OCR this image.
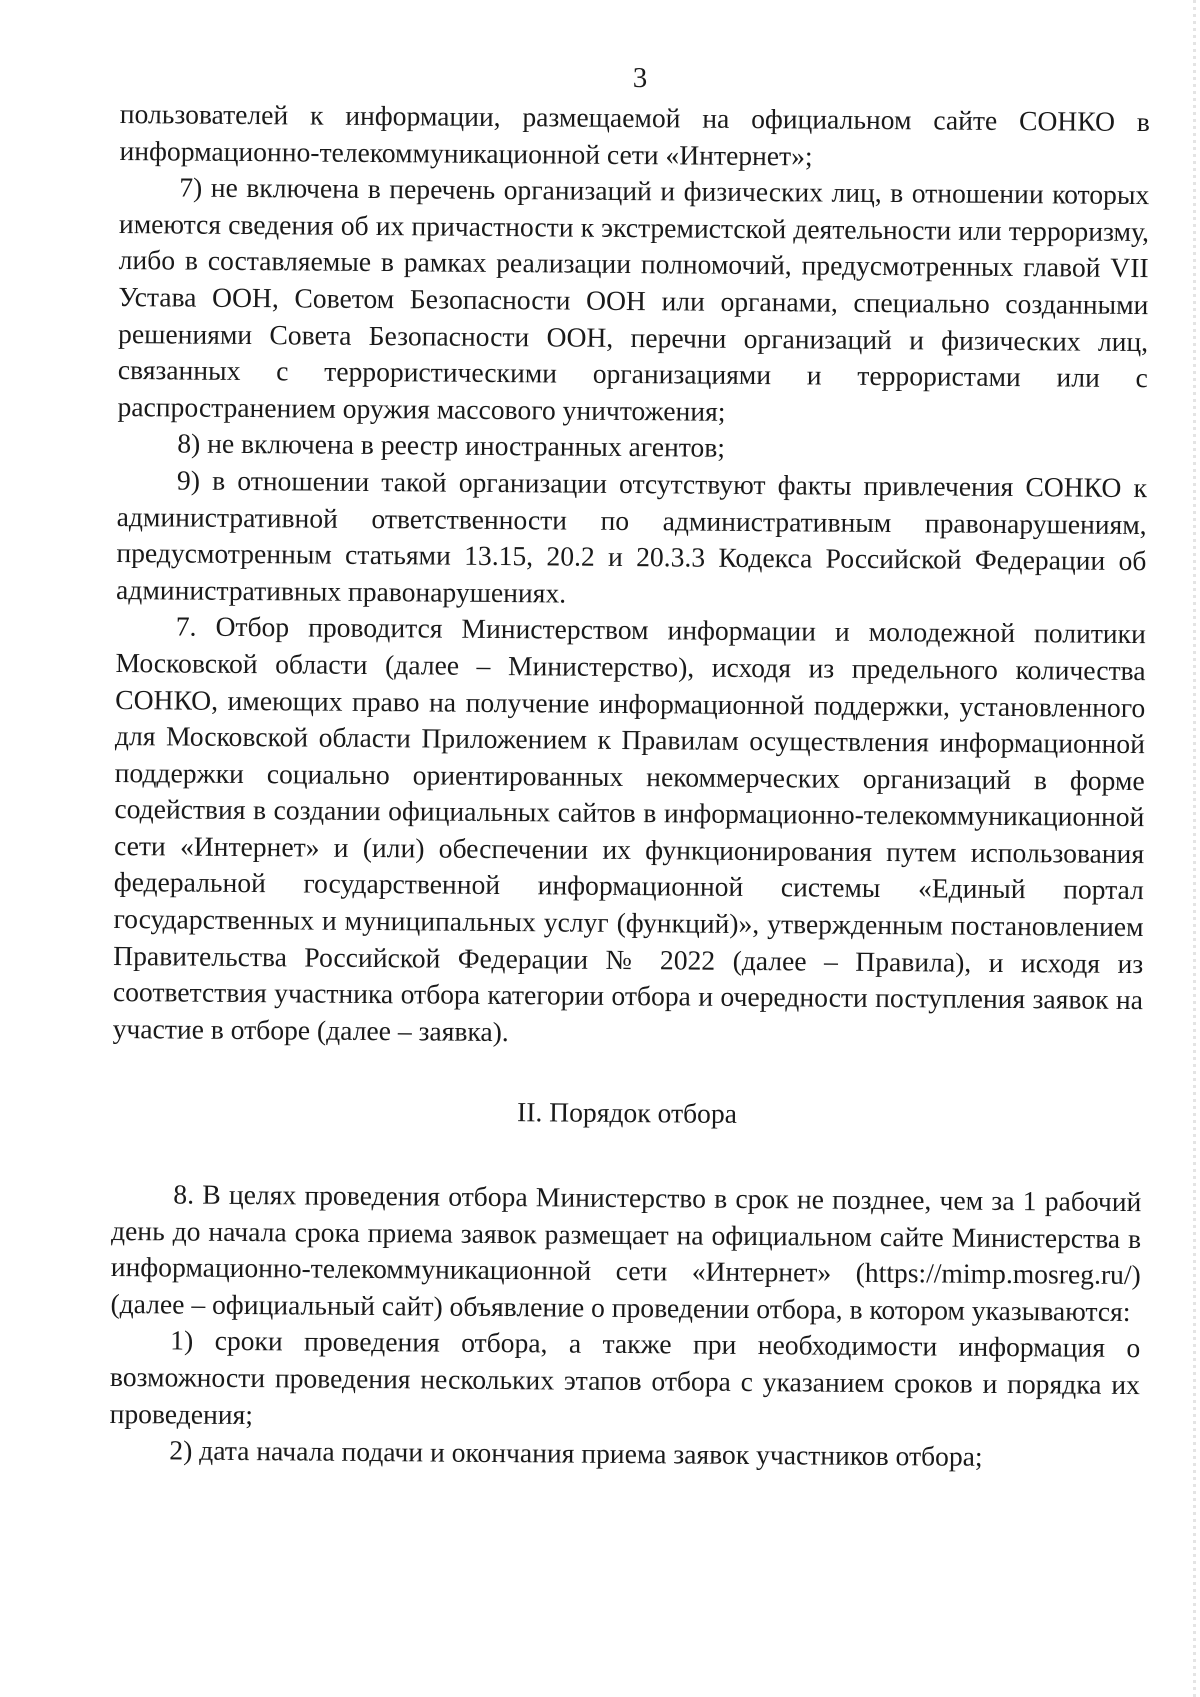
3

пользователей к информации, размещаемой на официальном сайте СОНКО в информационно-телекоммуникационной сети «Интернет»;

7) не включена в перечень организаций и физических лиц, в отношении которых имеются сведения об их причастности к экстремистской деятельности или терроризму, либо в составляемые в рамках реализации полномочий, предусмотренных главой VII Устава ООН, Советом Безопасности ООН или органами, специально созданными решениями Совета Безопасности ООН, перечни организаций и физических лиц, связанных с террористическими организациями и террористами или с распространением оружия массового уничтожения;

8) не включена в реестр иностранных агентов;

9) в отношении такой организации отсутствуют факты привлечения СОНКО к административной ответственности по административным правонарушениям, предусмотренным статьями 13.15, 20.2 и 20.3.3 Кодекса Российской Федерации об административных правонарушениях.

7. Отбор проводится Министерством информации и молодежной политики Московской области (далее – Министерство), исходя из предельного количества СОНКО, имеющих право на получение информационной поддержки, установленного для Московской области Приложением к Правилам осуществления информационной поддержки социально ориентированных некоммерческих организаций в форме содействия в создании официальных сайтов в информационно-телекоммуникационной сети «Интернет» и (или) обеспечении их функционирования путем использования федеральной государственной информационной системы «Единый портал государственных и муниципальных услуг (функций)», утвержденным постановлением Правительства Российской Федерации № 2022 (далее – Правила), и исходя из соответствия участника отбора категории отбора и очередности поступления заявок на участие в отборе (далее – заявка).

II. Порядок отбора

8. В целях проведения отбора Министерство в срок не позднее, чем за 1 рабочий день до начала срока приема заявок размещает на официальном сайте Министерства в информационно-телекоммуникационной сети «Интернет» (https://mimp.mosreg.ru/) (далее – официальный сайт) объявление о проведении отбора, в котором указываются:

1) сроки проведения отбора, а также при необходимости информация о возможности проведения нескольких этапов отбора с указанием сроков и порядка их проведения;

2) дата начала подачи и окончания приема заявок участников отбора;
